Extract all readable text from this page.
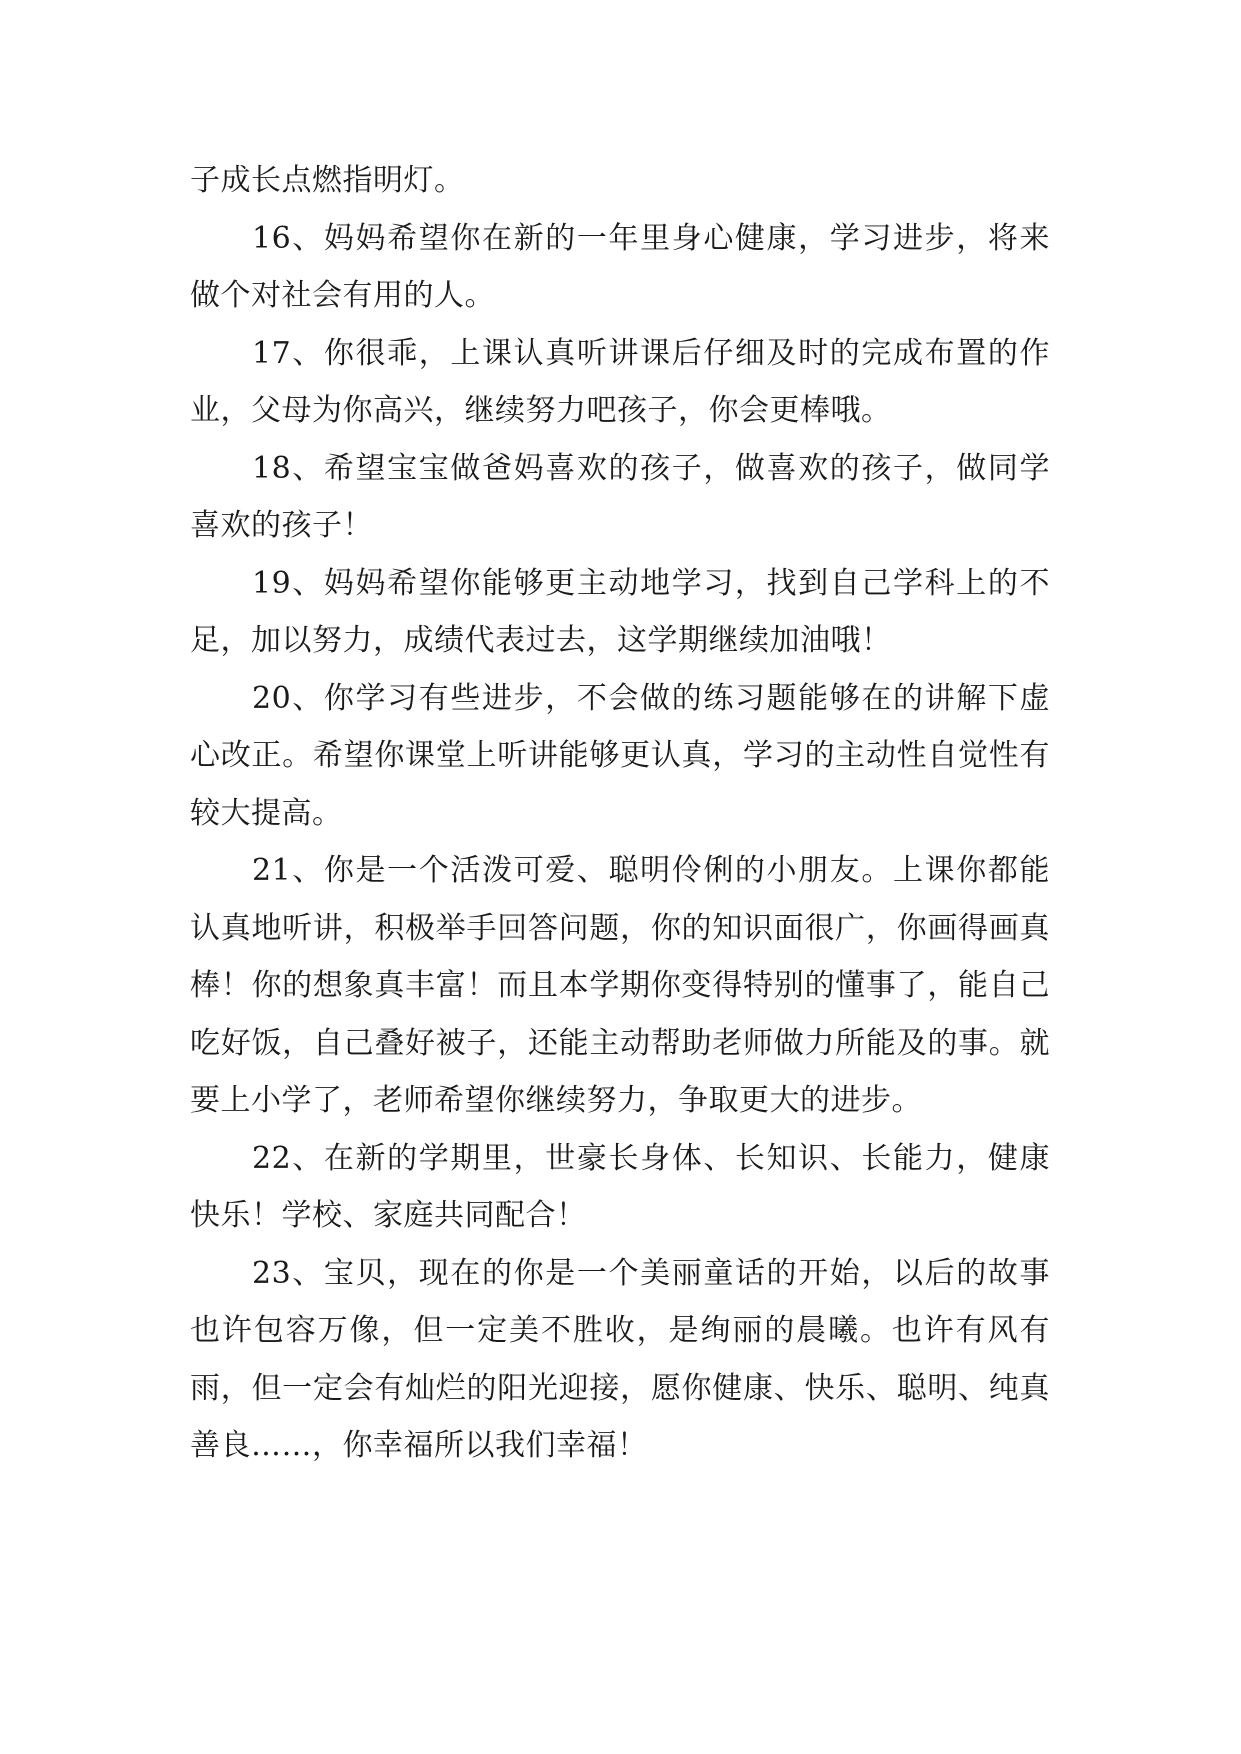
子成长点燃指明灯。

16、妈妈希望你在新的一年里身心健康，学习进步，将来做个对社会有用的人。

17、你很乖，上课认真听讲课后仔细及时的完成布置的作业，父母为你高兴，继续努力吧孩子，你会更棒哦。

18、希望宝宝做爸妈喜欢的孩子，做喜欢的孩子，做同学喜欢的孩子！

19、妈妈希望你能够更主动地学习，找到自己学科上的不足，加以努力，成绩代表过去，这学期继续加油哦！

20、你学习有些进步，不会做的练习题能够在的讲解下虚心改正。希望你课堂上听讲能够更认真，学习的主动性自觉性有较大提高。

21、你是一个活泼可爱、聪明伶俐的小朋友。上课你都能认真地听讲，积极举手回答问题，你的知识面很广，你画得画真棒！你的想象真丰富！而且本学期你变得特别的懂事了，能自己吃好饭，自己叠好被子，还能主动帮助老师做力所能及的事。就要上小学了，老师希望你继续努力，争取更大的进步。

22、在新的学期里，世豪长身体、长知识、长能力，健康快乐！学校、家庭共同配合！

23、宝贝，现在的你是一个美丽童话的开始，以后的故事也许包容万像，但一定美不胜收，是绚丽的晨曦。也许有风有雨，但一定会有灿烂的阳光迎接，愿你健康、快乐、聪明、纯真善良……，你幸福所以我们幸福！
